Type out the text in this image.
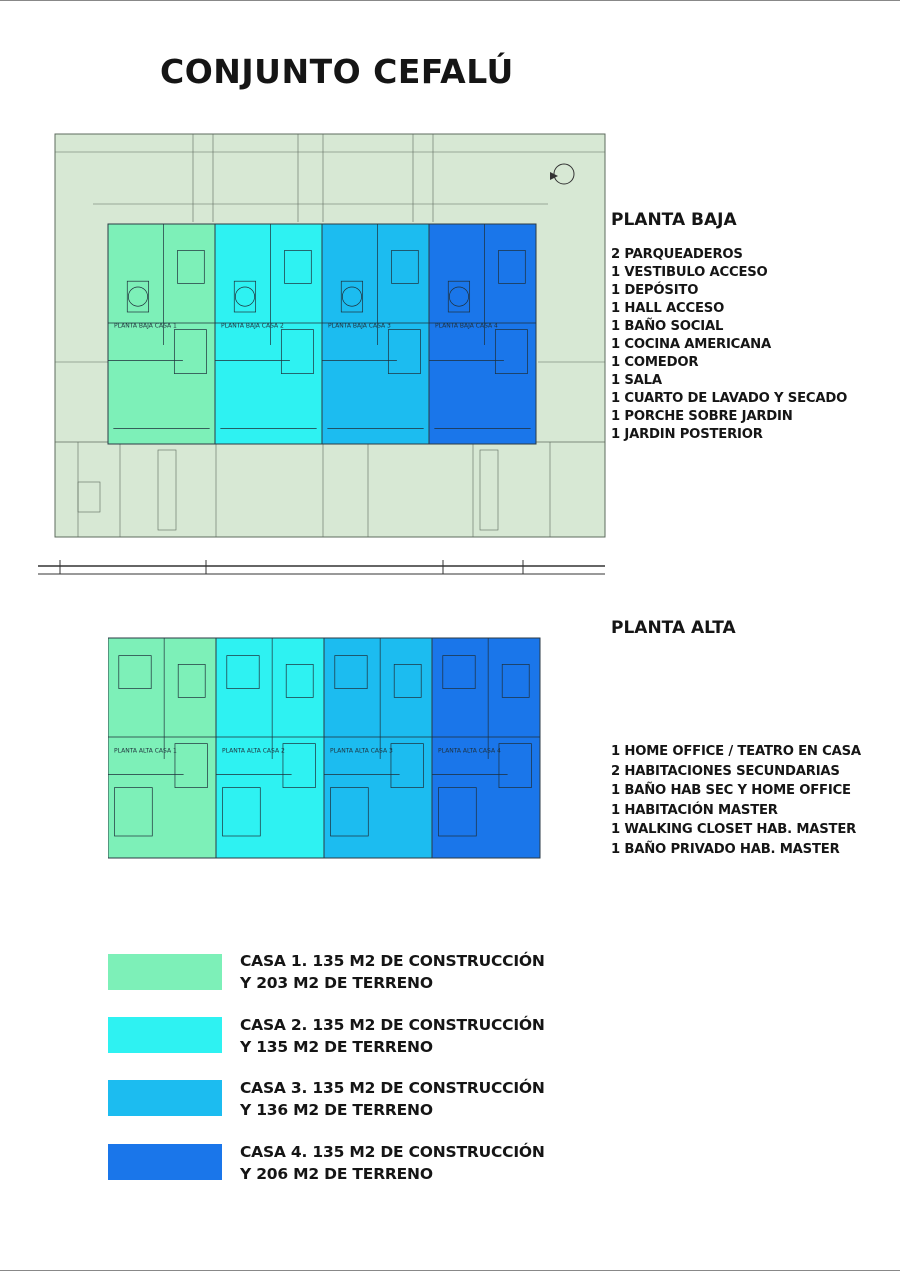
CONJUNTO CEFALÚ
PLANTA BAJA CASA 1	PLANTA BAJA CASA 2	PLANTA BAJA CASA 3	PLANTA BAJA CASA 4
PLANTA ALTA CASA 1	PLANTA ALTA CASA 2	PLANTA ALTA CASA 3	PLANTA ALTA CASA 4
PLANTA BAJA
2 PARQUEADEROS
1 VESTIBULO ACCESO
1 DEPÓSITO
1 HALL ACCESO
1 BAÑO SOCIAL
1 COCINA AMERICANA
1 COMEDOR
1 SALA
1 CUARTO DE LAVADO Y SECADO
1 PORCHE SOBRE JARDIN
1 JARDIN POSTERIOR
PLANTA ALTA
1 HOME OFFICE / TEATRO EN CASA
2 HABITACIONES SECUNDARIAS
1 BAÑO HAB SEC Y HOME OFFICE
1 HABITACIÓN MASTER
1 WALKING CLOSET HAB. MASTER
1 BAÑO PRIVADO HAB. MASTER
CASA 1. 135 M2 DE CONSTRUCCIÓN
Y 203 M2 DE TERRENO
CASA 2. 135 M2 DE CONSTRUCCIÓN
Y 135 M2 DE TERRENO
CASA 3. 135 M2 DE CONSTRUCCIÓN
Y 136 M2 DE TERRENO
CASA 4. 135 M2 DE CONSTRUCCIÓN
Y 206 M2 DE TERRENO
